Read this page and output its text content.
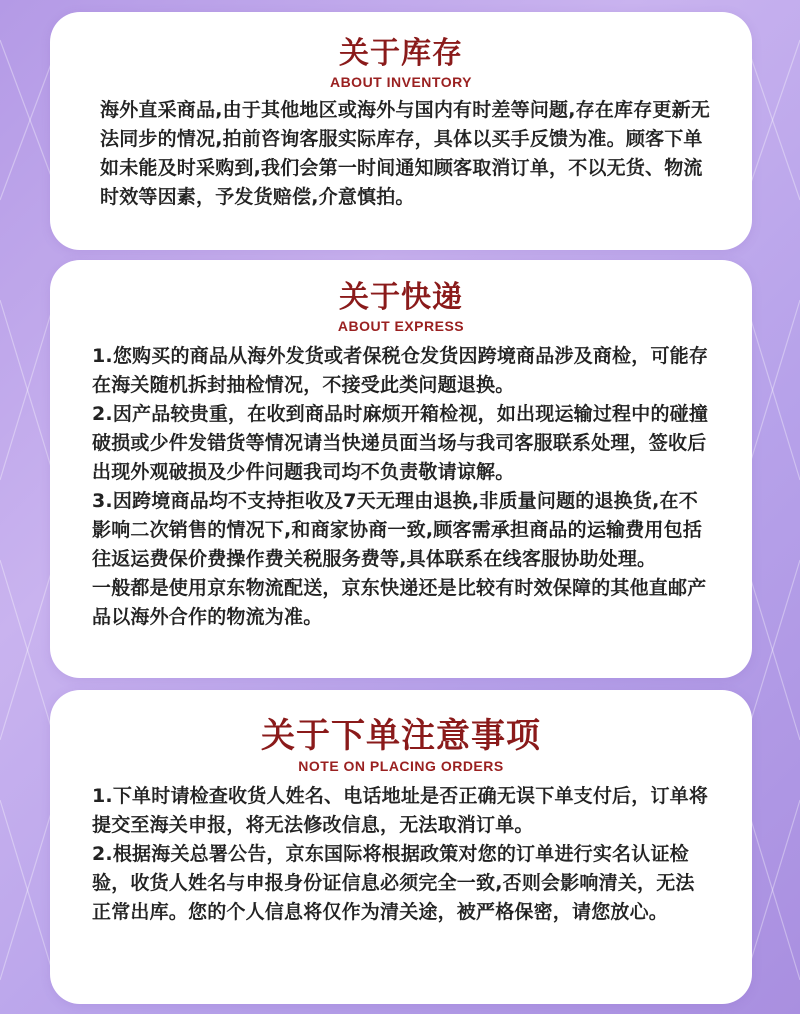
关于库存
ABOUT INVENTORY

海外直采商品,由于其他地区或海外与国内有时差等问题,存在库存更新无法同步的情况,拍前咨询客服实际库存，具体以买手反馈为准。顾客下单如未能及时采购到,我们会第一时间通知顾客取消订单，不以无货、物流时效等因素，予发货赔偿,介意慎拍。

关于快递
ABOUT EXPRESS

1.您购买的商品从海外发货或者保税仓发货因跨境商品涉及商检，可能存在海关随机拆封抽检情况，不接受此类问题退换。

2.因产品较贵重，在收到商品时麻烦开箱检视，如出现运输过程中的碰撞破损或少件发错货等情况请当快递员面当场与我司客服联系处理，签收后出现外观破损及少件问题我司均不负责敬请谅解。

3.因跨境商品均不支持拒收及7天无理由退换,非质量问题的退换货,在不影响二次销售的情况下,和商家协商一致,顾客需承担商品的运输费用包括往返运费保价费操作费关税服务费等,具体联系在线客服协助处理。

一般都是使用京东物流配送，京东快递还是比较有时效保障的其他直邮产品以海外合作的物流为准。

关于下单注意事项
NOTE ON PLACING ORDERS

1.下单时请检查收货人姓名、电话地址是否正确无误下单支付后，订单将提交至海关申报，将无法修改信息，无法取消订单。

2.根据海关总署公告，京东国际将根据政策对您的订单进行实名认证检验，收货人姓名与申报身份证信息必须完全一致,否则会影响清关，无法正常出库。您的个人信息将仅作为清关途，被严格保密，请您放心。
